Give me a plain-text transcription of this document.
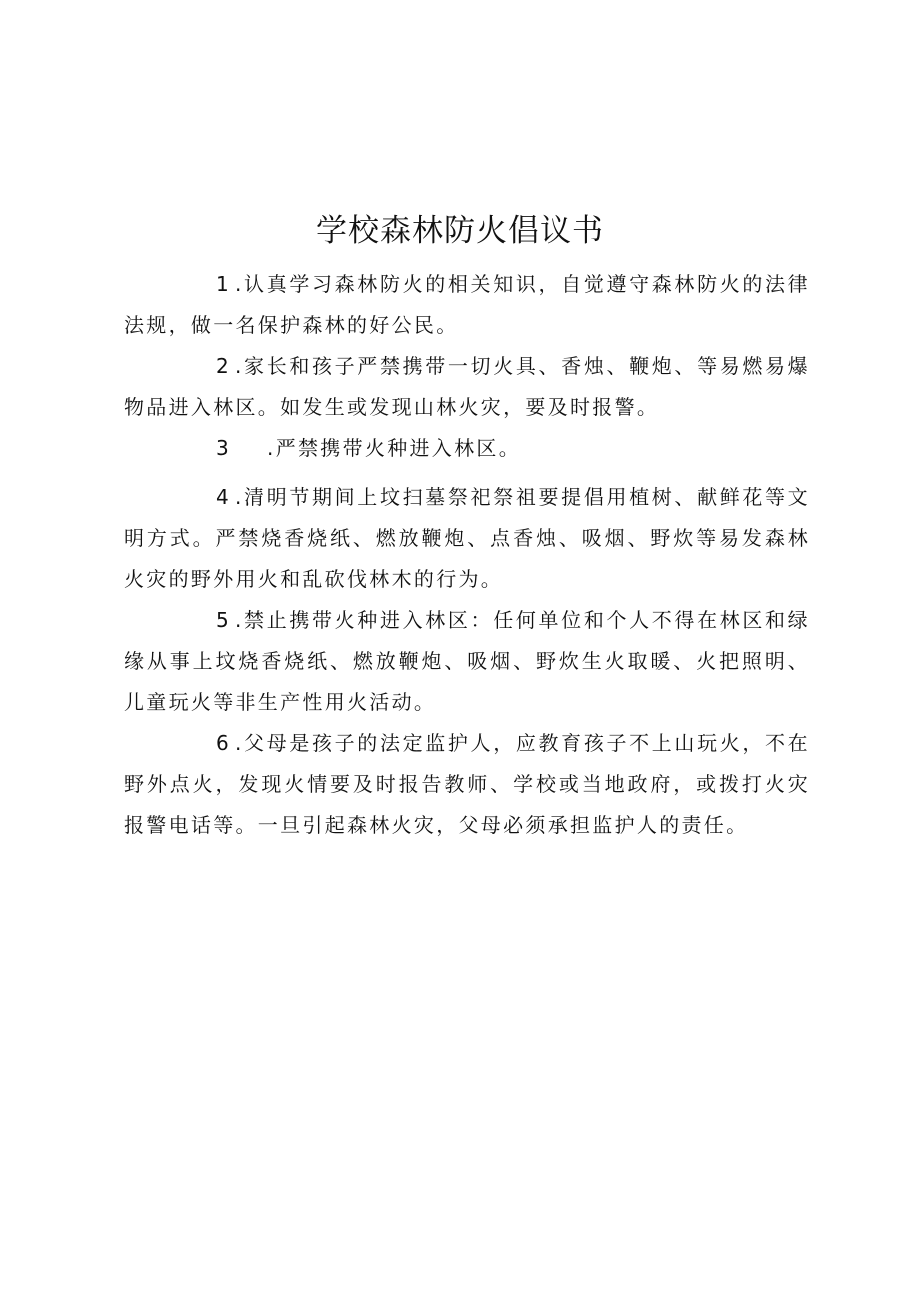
学校森林防火倡议书

1 .认真学习森林防火的相关知识，自觉遵守森林防火的法律法规，做一名保护森林的好公民。

2 .家长和孩子严禁携带一切火具、香烛、鞭炮、等易燃易爆物品进入林区。如发生或发现山林火灾，要及时报警。

3 .严禁携带火种进入林区。

4 .清明节期间上坟扫墓祭祀祭祖要提倡用植树、献鲜花等文明方式。严禁烧香烧纸、燃放鞭炮、点香烛、吸烟、野炊等易发森林火灾的野外用火和乱砍伐林木的行为。

5 .禁止携带火种进入林区：任何单位和个人不得在林区和绿缘从事上坟烧香烧纸、燃放鞭炮、吸烟、野炊生火取暖、火把照明、儿童玩火等非生产性用火活动。

6 .父母是孩子的法定监护人，应教育孩子不上山玩火，不在野外点火，发现火情要及时报告教师、学校或当地政府，或拨打火灾报警电话等。一旦引起森林火灾，父母必须承担监护人的责任。
